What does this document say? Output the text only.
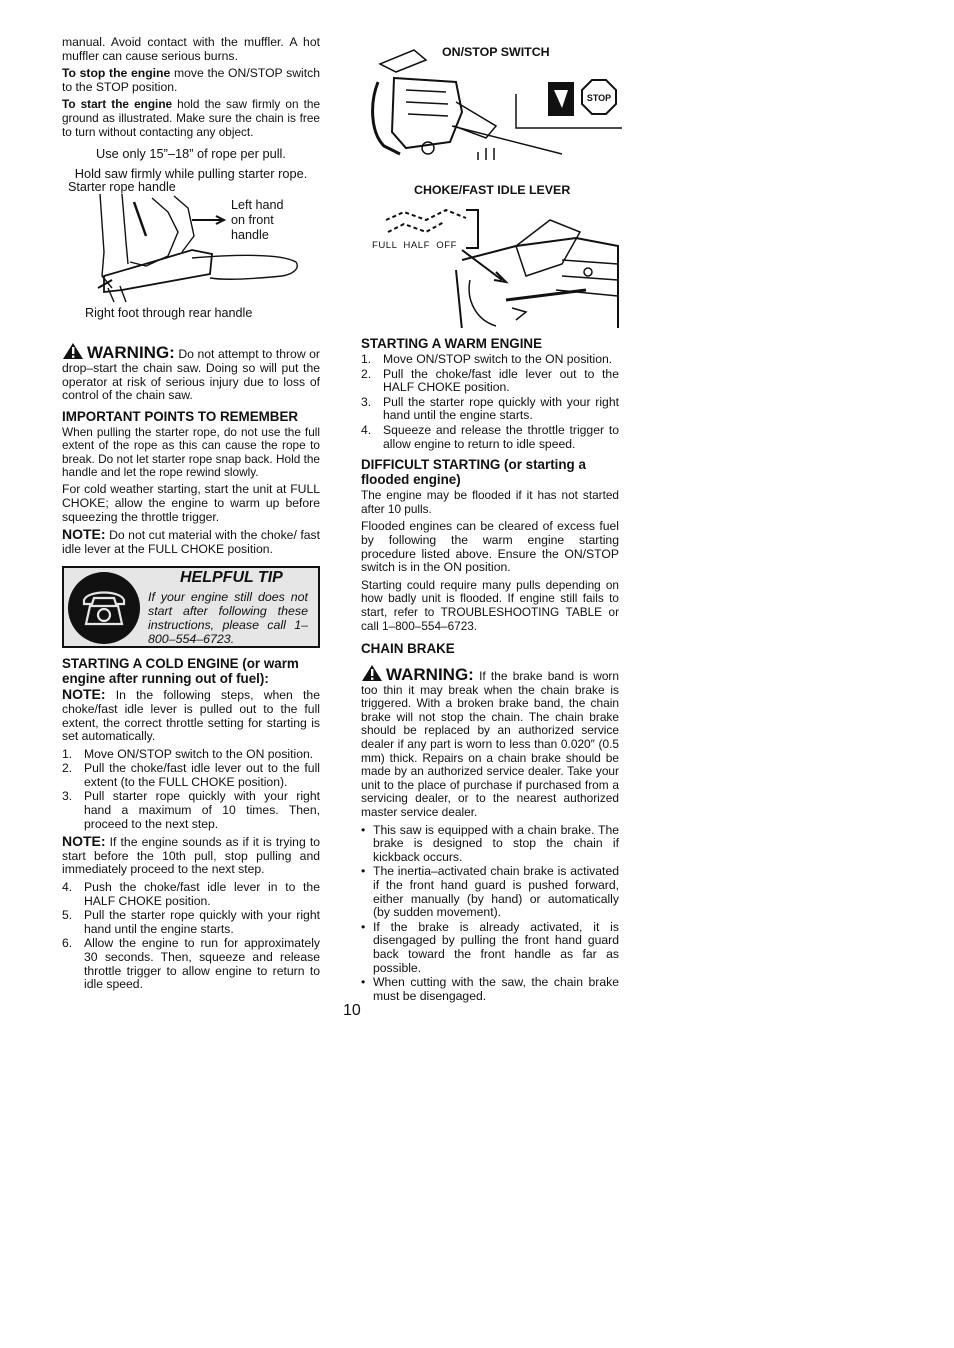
manual. Avoid contact with the muffler. A hot muffler can cause serious burns.

To stop the engine move the ON/STOP switch to the STOP position.

To start the engine hold the saw firmly on the ground as illustrated. Make sure the chain is free to turn without contacting any object.

Use only 15”–18” of rope per pull.
Hold saw firmly while pulling starter rope.
Starter rope handle
Left hand
on front
handle
Right foot through rear handle

WARNING: Do not attempt to throw or drop–start the chain saw. Doing so will put the operator at risk of serious injury due to loss of control of the chain saw.

IMPORTANT POINTS TO REMEMBER

When pulling the starter rope, do not use the full extent of the rope as this can cause the rope to break. Do not let starter rope snap back. Hold the handle and let the rope rewind slowly.

For cold weather starting, start the unit at FULL CHOKE; allow the engine to warm up before squeezing the throttle trigger.

NOTE: Do not cut material with the choke/ fast idle lever at the FULL CHOKE position.

HELPFUL TIP
If your engine still does not start after following these instructions, please call 1–800–554–6723.
STARTING A COLD ENGINE (or warm engine after running out of fuel):

NOTE: In the following steps, when the choke/fast idle lever is pulled out to the full extent, the correct throttle setting for starting is set automatically.

1. Move ON/STOP switch to the ON position.
2. Pull the choke/fast idle lever out to the full extent (to the FULL CHOKE position).
3. Pull starter rope quickly with your right hand a maximum of 10 times. Then, proceed to the next step.

NOTE: If the engine sounds as if it is trying to start before the 10th pull, stop pulling and immediately proceed to the next step.

4. Push the choke/fast idle lever in to the HALF CHOKE position.
5. Pull the starter rope quickly with your right hand until the engine starts.
6. Allow the engine to run for approximately 30 seconds. Then, squeeze and release throttle trigger to allow engine to return to idle speed.
ON/STOP SWITCH
STOP
CHOKE/FAST IDLE LEVER
FULL  HALF  OFF
STARTING A WARM ENGINE
1. Move ON/STOP switch to the ON position.
2. Pull the choke/fast idle lever out to the HALF CHOKE position.
3. Pull the starter rope quickly with your right hand until the engine starts.
4. Squeeze and release the throttle trigger to allow engine to return to idle speed.
DIFFICULT STARTING (or starting a flooded engine)

The engine may be flooded if it has not started after 10 pulls.

Flooded engines can be cleared of excess fuel by following the warm engine starting procedure listed above. Ensure the ON/STOP switch is in the ON position.

Starting could require many pulls depending on how badly unit is flooded. If engine still fails to start, refer to TROUBLESHOOTING TABLE or call 1–800–554–6723.

CHAIN BRAKE

WARNING: If the brake band is worn too thin it may break when the chain brake is triggered. With a broken brake band, the chain brake will not stop the chain. The chain brake should be replaced by an authorized service dealer if any part is worn to less than 0.020″ (0.5 mm) thick. Repairs on a chain brake should be made by an authorized service dealer. Take your unit to the place of purchase if purchased from a servicing dealer, or to the nearest authorized master service dealer.

• This saw is equipped with a chain brake. The brake is designed to stop the chain if kickback occurs.
• The inertia–activated chain brake is activated if the front hand guard is pushed forward, either manually (by hand) or automatically (by sudden movement).
• If the brake is already activated, it is disengaged by pulling the front hand guard back toward the front handle as far as possible.
• When cutting with the saw, the chain brake must be disengaged.
10
